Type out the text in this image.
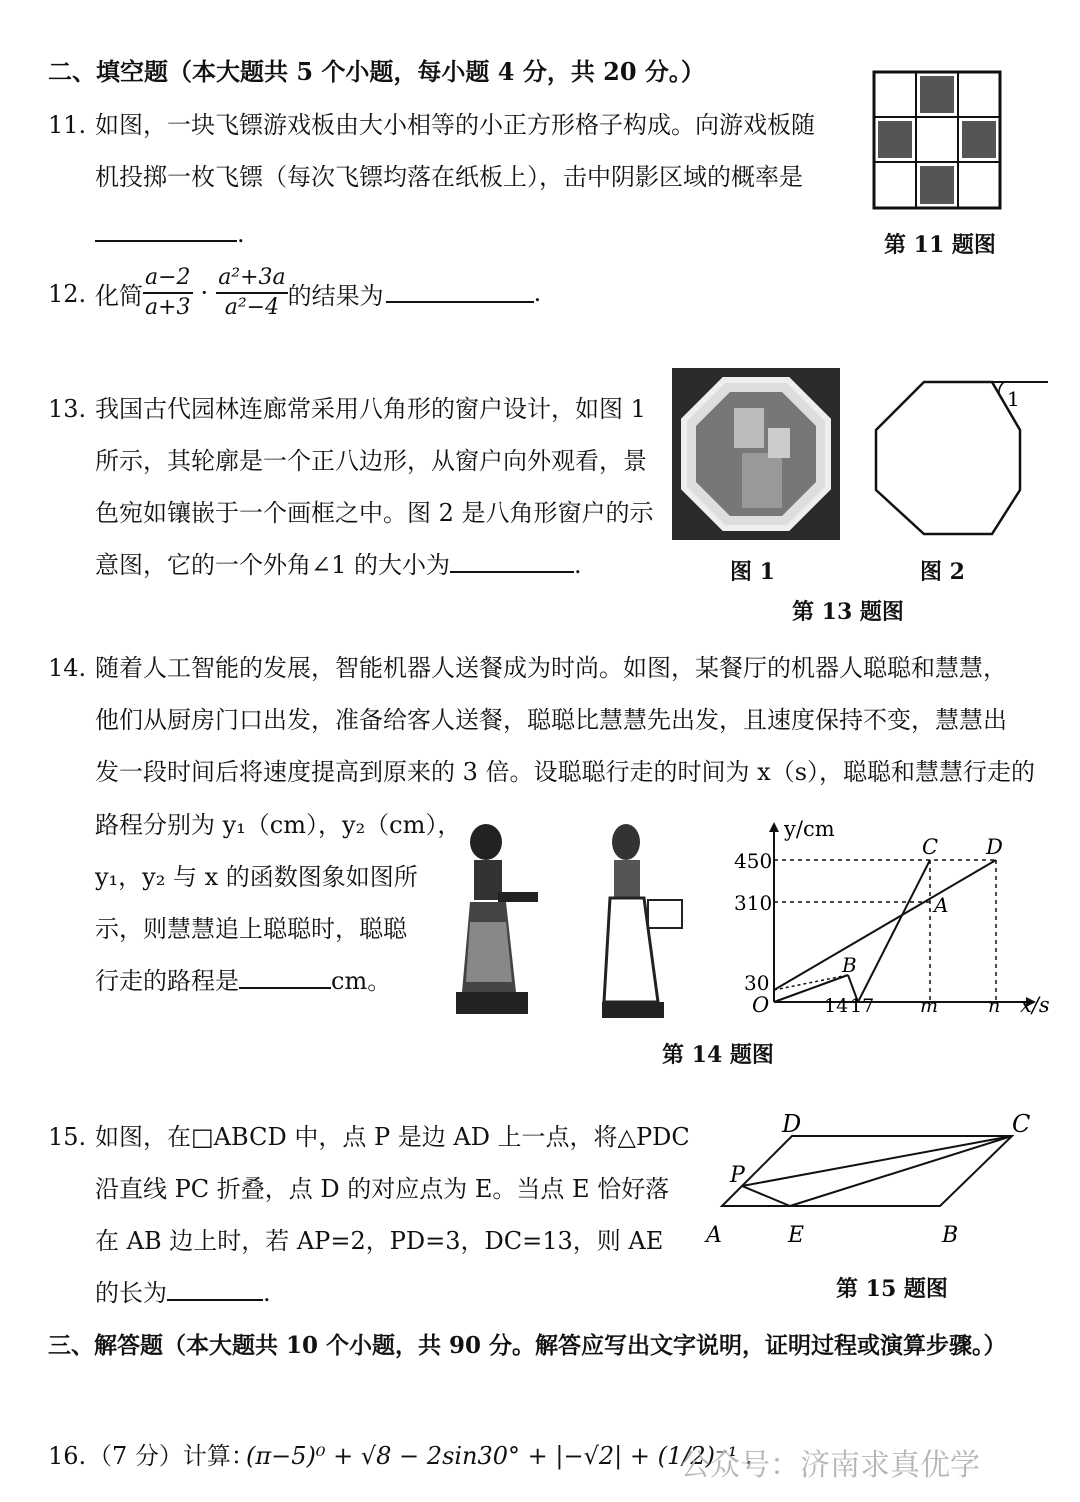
二、填空题（本大题共 5 个小题，每小题 4 分，共 20 分。）
11. 如图，一块飞镖游戏板由大小相等的小正方形格子构成。向游戏板随
机投掷一枚飞镖（每次飞镖均落在纸板上），击中阴影区域的概率是
.	第 11 题图
12. 化简 $\frac{a-2}{a+3} \cdot \frac{\text{a²+3a}}{\text{a²−4}}$ 的结果为	.
13. 我国古代园林连廊常采用八角形的窗户设计，如图 1
所示，其轮廓是一个正八边形，从窗户向外观看，景
色宛如镶嵌于一个画框之中。图 2 是八角形窗户的示
意图，它的一个外角∠1 的大小为	.
1
图 1	图 2
第 13 题图
14. 随着人工智能的发展，智能机器人送餐成为时尚。如图，某餐厅的机器人聪聪和慧慧，
他们从厨房门口出发，准备给客人送餐，聪聪比慧慧先出发，且速度保持不变，慧慧出
发一段时间后将速度提高到原来的 3 倍。设聪聪行走的时间为 x（s），聪聪和慧慧行走的
路程分别为 y₁（cm），y₂（cm），
y₁，y₂ 与 x 的函数图象如图所
示，则慧慧追上聪聪时，聪聪
行走的路程是	cm。
y/cm
x/s
O
450
310
30
14 17 m	n
A
B
C D
第 14 题图
15. 如图，在□ABCD 中，点 P 是边 AD 上一点，将△PDC
沿直线 PC 折叠，点 D 的对应点为 E。当点 E 恰好落
在 AB 边上时，若 AP=2，PD=3，DC=13，则 AE
的长为	.
A	B
C
D
E
P
第 15 题图
三、解答题（本大题共 10 个小题，共 90 分。解答应写出文字说明，证明过程或演算步骤。）
16. （7 分）计算：
(π−5)⁰ + √8 − 2sin30° + |−√2| + (1/2)⁻¹ .
公众号：济南求真优学
